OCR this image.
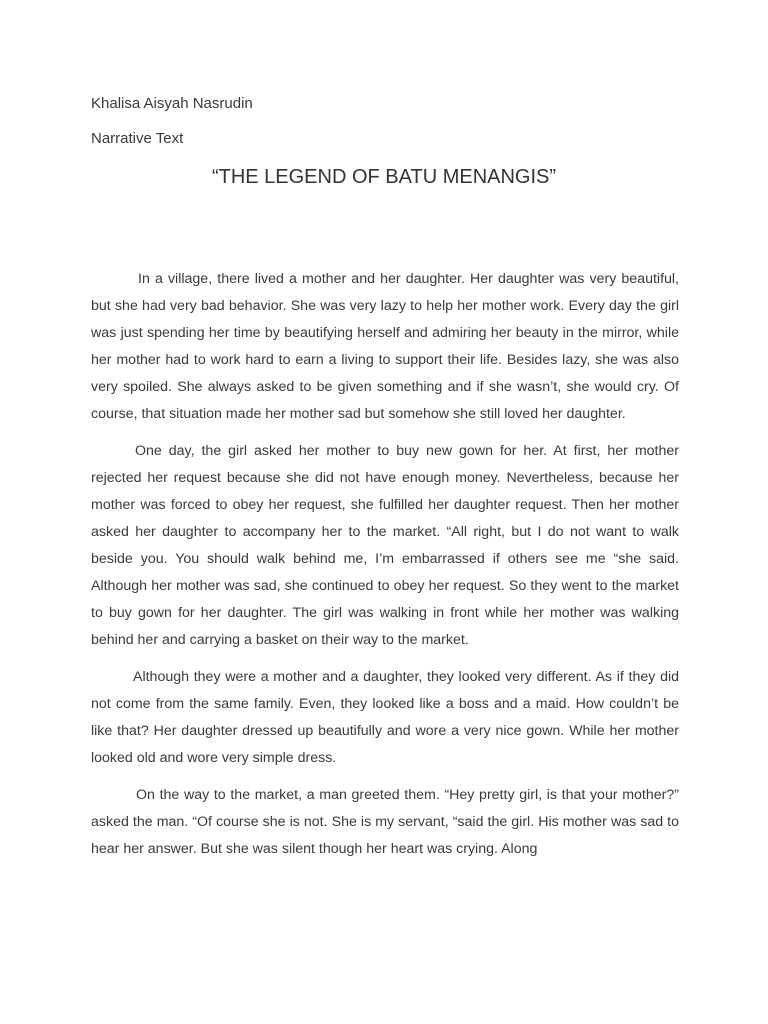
Khalisa Aisyah Nasrudin
Narrative Text
“THE LEGEND OF BATU MENANGIS”

In a village, there lived a mother and her daughter. Her daughter was very beautiful, but she had very bad behavior. She was very lazy to help her mother work. Every day the girl was just spending her time by beautifying herself and admiring her beauty in the mirror, while her mother had to work hard to earn a living to support their life. Besides lazy, she was also very spoiled. She always asked to be given something and if she wasn’t, she would cry. Of course, that situation made her mother sad but somehow she still loved her daughter.

One day, the girl asked her mother to buy new gown for her. At first, her mother rejected her request because she did not have enough money. Nevertheless, because her mother was forced to obey her request, she fulfilled her daughter request. Then her mother asked her daughter to accompany her to the market. “All right, but I do not want to walk beside you. You should walk behind me, I’m embarrassed if others see me “she said. Although her mother was sad, she continued to obey her request. So they went to the market to buy gown for her daughter. The girl was walking in front while her mother was walking behind her and carrying a basket on their way to the market.

Although they were a mother and a daughter, they looked very different. As if they did not come from the same family. Even, they looked like a boss and a maid. How couldn’t be like that? Her daughter dressed up beautifully and wore a very nice gown. While her mother looked old and wore very simple dress.

On the way to the market, a man greeted them. “Hey pretty girl, is that your mother?” asked the man. “Of course she is not. She is my servant, “said the girl. His mother was sad to hear her answer. But she was silent though her heart was crying. Along
